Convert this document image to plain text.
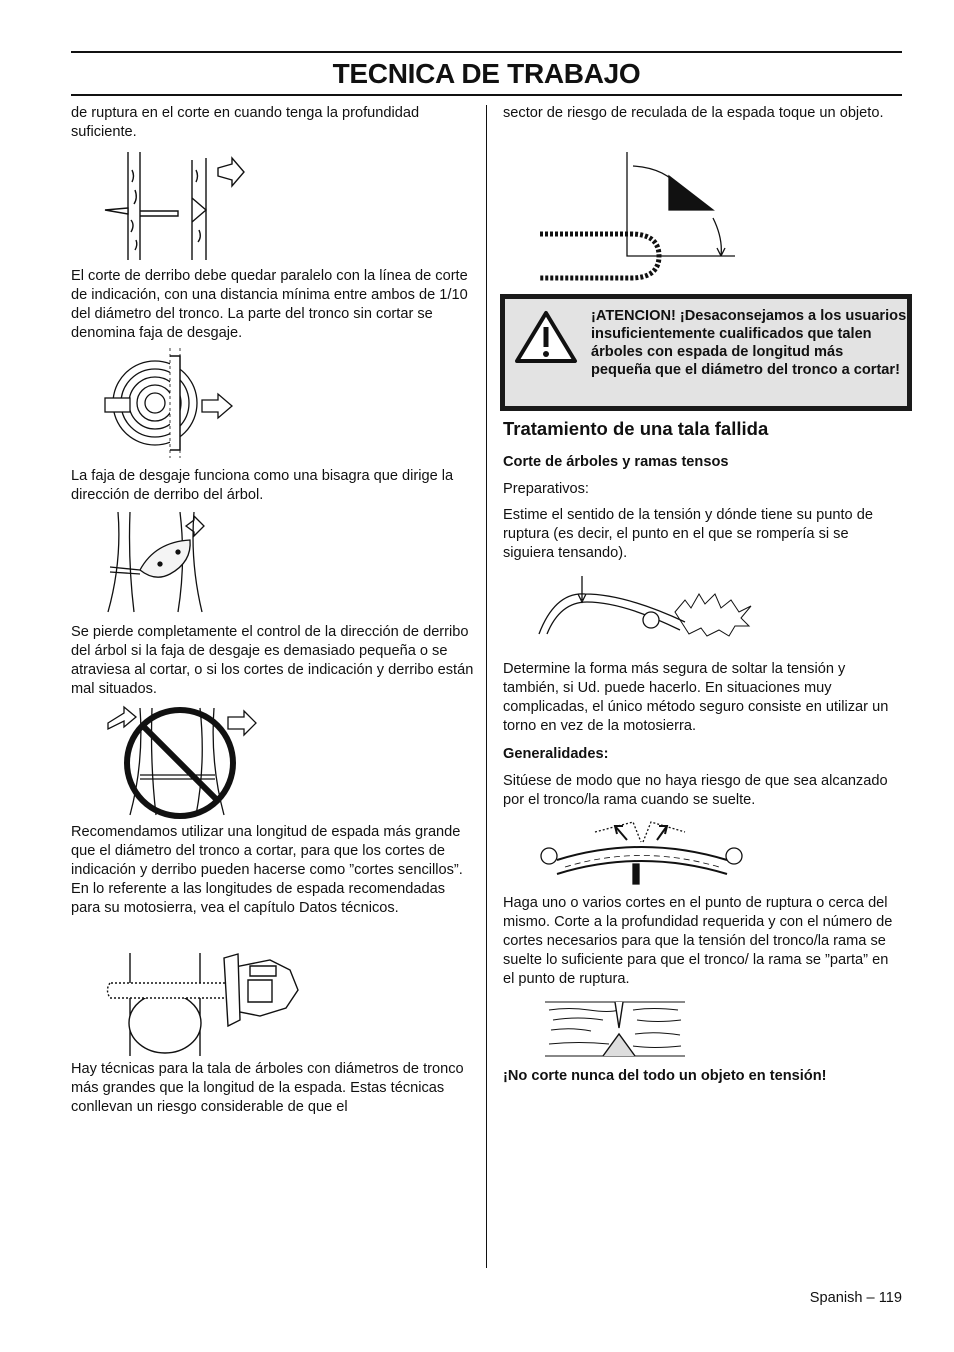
TECNICA DE TRABAJO

de ruptura en el corte en cuando tenga la profundidad suficiente.

El corte de derribo debe quedar paralelo con la línea de corte de indicación, con una distancia mínima entre ambos de 1/10 del diámetro del tronco. La parte del tronco sin cortar se denomina faja de desgaje.

La faja de desgaje funciona como una bisagra que dirige la dirección de derribo del árbol.

Se pierde completamente el control de la dirección de derribo del árbol si la faja de desgaje es demasiado pequeña o se atraviesa al cortar, o si los cortes de indicación y derribo están mal situados.

Recomendamos utilizar una longitud de espada más grande que el diámetro del tronco a cortar, para que los cortes de indicación y derribo pueden hacerse como ”cortes sencillos”. En lo referente a las longitudes de espada recomendadas para su motosierra, vea el capítulo Datos técnicos.

Hay técnicas para la tala de árboles con diámetros de tronco más grandes que la longitud de la espada. Estas técnicas conllevan un riesgo considerable de que el

sector de riesgo de reculada de la espada toque un objeto.

¡ATENCION! ¡Desaconsejamos a los usuarios insuficientemente cualificados que talen árboles con espada de longitud más pequeña que el diámetro del tronco a cortar!

Tratamiento de una tala fallida

Corte de árboles y ramas tensos

Preparativos:

Estime el sentido de la tensión y dónde tiene su punto de ruptura (es decir, el punto en el que se rompería si se siguiera tensando).

Determine la forma más segura de soltar la tensión y también, si Ud. puede hacerlo. En situaciones muy complicadas, el único método seguro consiste en utilizar un torno en vez de la motosierra.

Generalidades:

Sitúese de modo que no haya riesgo de que sea alcanzado por el tronco/la rama cuando se suelte.

Haga uno o varios cortes en el punto de ruptura o cerca del mismo. Corte a la profundidad requerida y con el número de cortes necesarios para que la tensión del tronco/la rama se suelte lo suficiente para que el tronco/ la rama se ”parta” en el punto de ruptura.

¡No corte nunca del todo un objeto en tensión!

Spanish – 119
